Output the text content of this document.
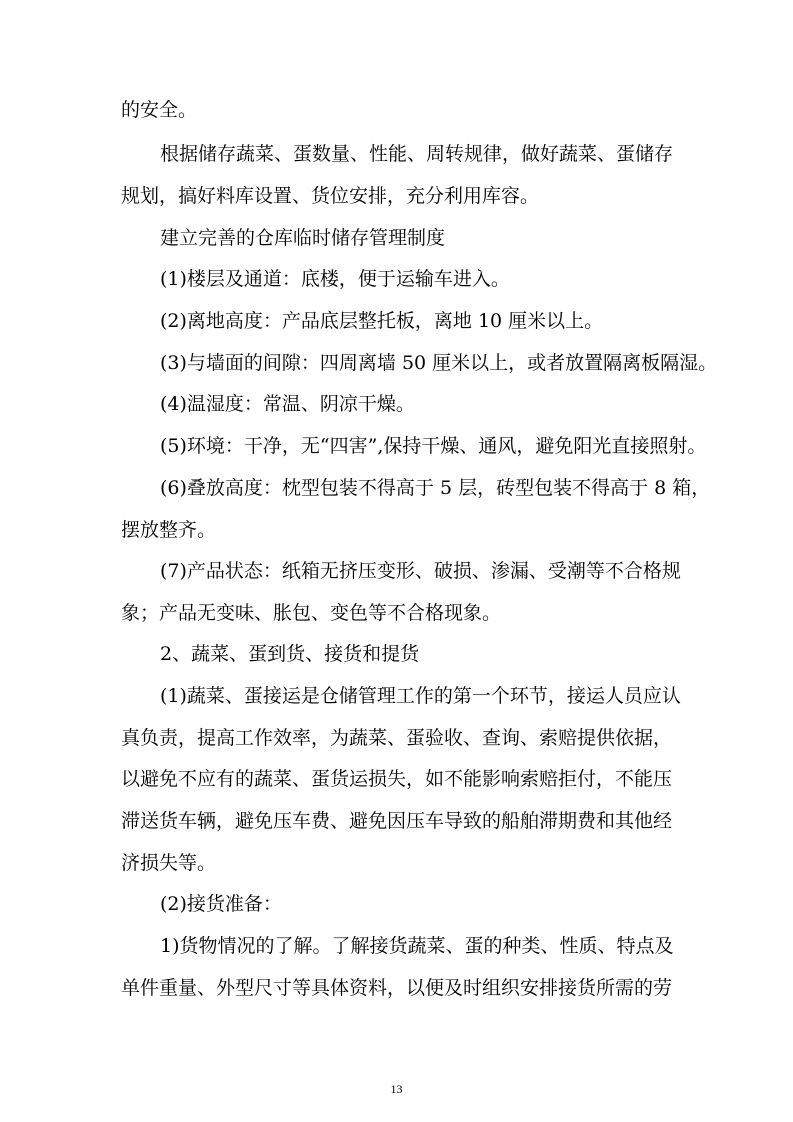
的安全。
根据储存蔬菜、蛋数量、性能、周转规律，做好蔬菜、蛋储存
规划，搞好料库设置、货位安排，充分利用库容。
建立完善的仓库临时储存管理制度
(1)楼层及通道：底楼，便于运输车进入。
(2)离地高度：产品底层整托板，离地 10 厘米以上。
(3)与墙面的间隙：四周离墙 50 厘米以上，或者放置隔离板隔湿。
(4)温湿度：常温、阴凉干燥。
(5)环境：干净，无“四害”,保持干燥、通风，避免阳光直接照射。
(6)叠放高度：枕型包装不得高于 5 层，砖型包装不得高于 8 箱，
摆放整齐。
(7)产品状态：纸箱无挤压变形、破损、渗漏、受潮等不合格规
象；产品无变味、胀包、变色等不合格现象。
2、蔬菜、蛋到货、接货和提货
(1)蔬菜、蛋接运是仓储管理工作的第一个环节，接运人员应认
真负责，提高工作效率，为蔬菜、蛋验收、查询、索赔提供依据，
以避免不应有的蔬菜、蛋货运损失，如不能影响索赔拒付，不能压
滞送货车辆，避免压车费、避免因压车导致的船舶滞期费和其他经
济损失等。
(2)接货准备：
1)货物情况的了解。了解接货蔬菜、蛋的种类、性质、特点及
单件重量、外型尺寸等具体资料，以便及时组织安排接货所需的劳
13
